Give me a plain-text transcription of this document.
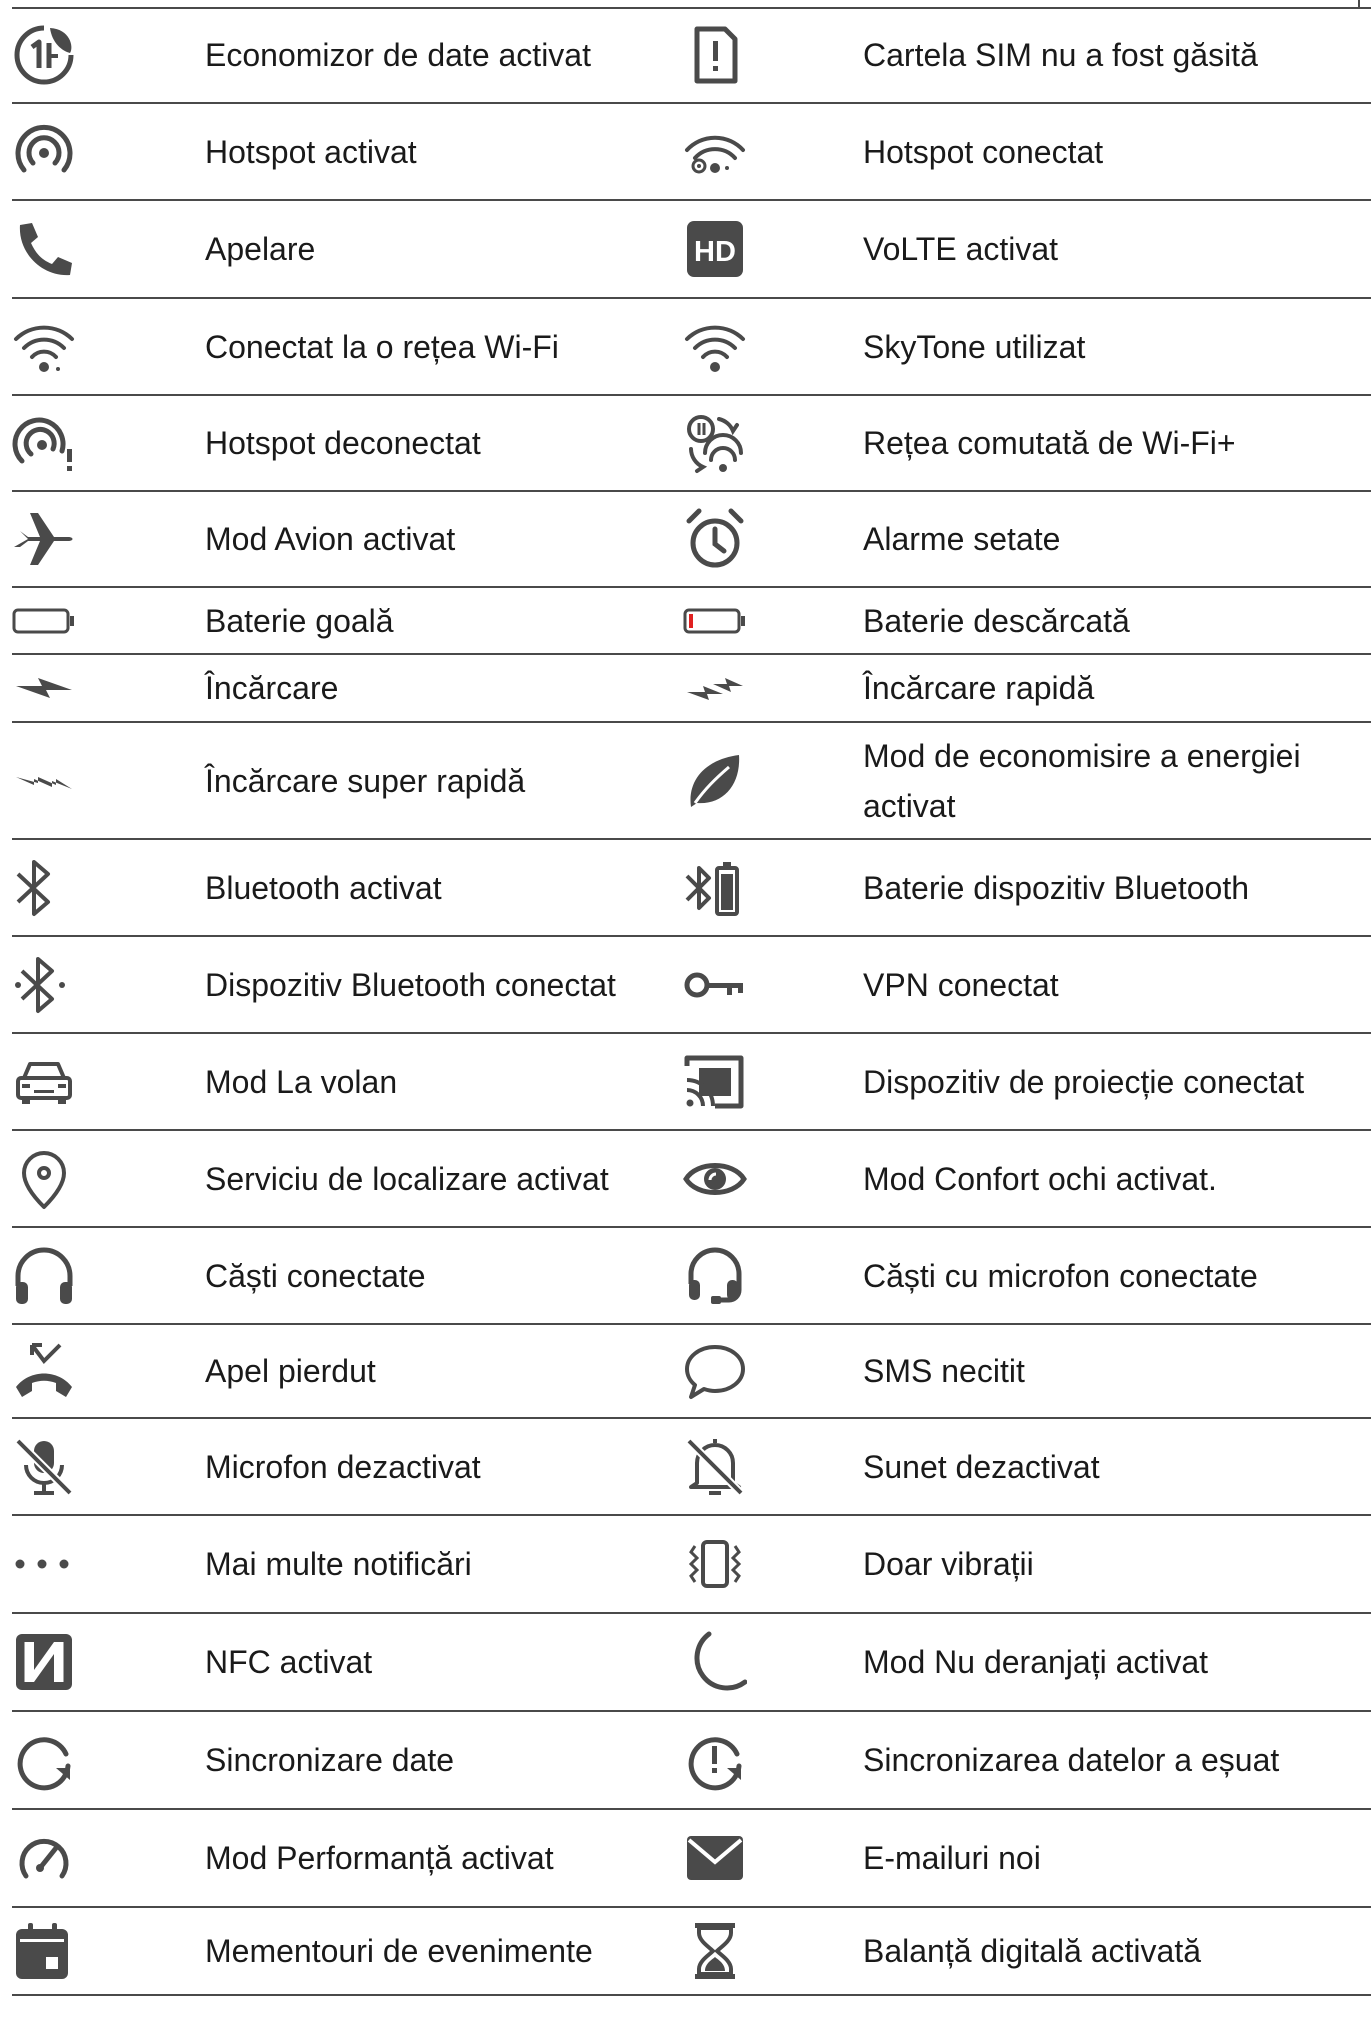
	Economizor de date activat		Cartela SIM nu a fost găsită

	Hotspot activat		Hotspot conectat

	Apelare	HD	VoLTE activat

	Conectat la o rețea Wi-Fi		SkyTone utilizat

	Hotspot deconectat		Rețea comutată de Wi-Fi+

	Mod Avion activat		Alarme setate

	Baterie goală		Baterie descărcată

	Încărcare		Încărcare rapidă

	Încărcare super rapidă		Mod de economisire a energiei activat

	Bluetooth activat		Baterie dispozitiv Bluetooth

	Dispozitiv Bluetooth conectat		VPN conectat

	Mod La volan		Dispozitiv de proiecție conectat

	Serviciu de localizare activat		Mod Confort ochi activat.

	Căști conectate		Căști cu microfon conectate

	Apel pierdut		SMS necitit

	Microfon dezactivat		Sunet dezactivat

	Mai multe notificări		Doar vibrații

	NFC activat		Mod Nu deranjați activat

	Sincronizare date		Sincronizarea datelor a eșuat

	Mod Performanță activat		E-mailuri noi

	Mementouri de evenimente		Balanță digitală activată
